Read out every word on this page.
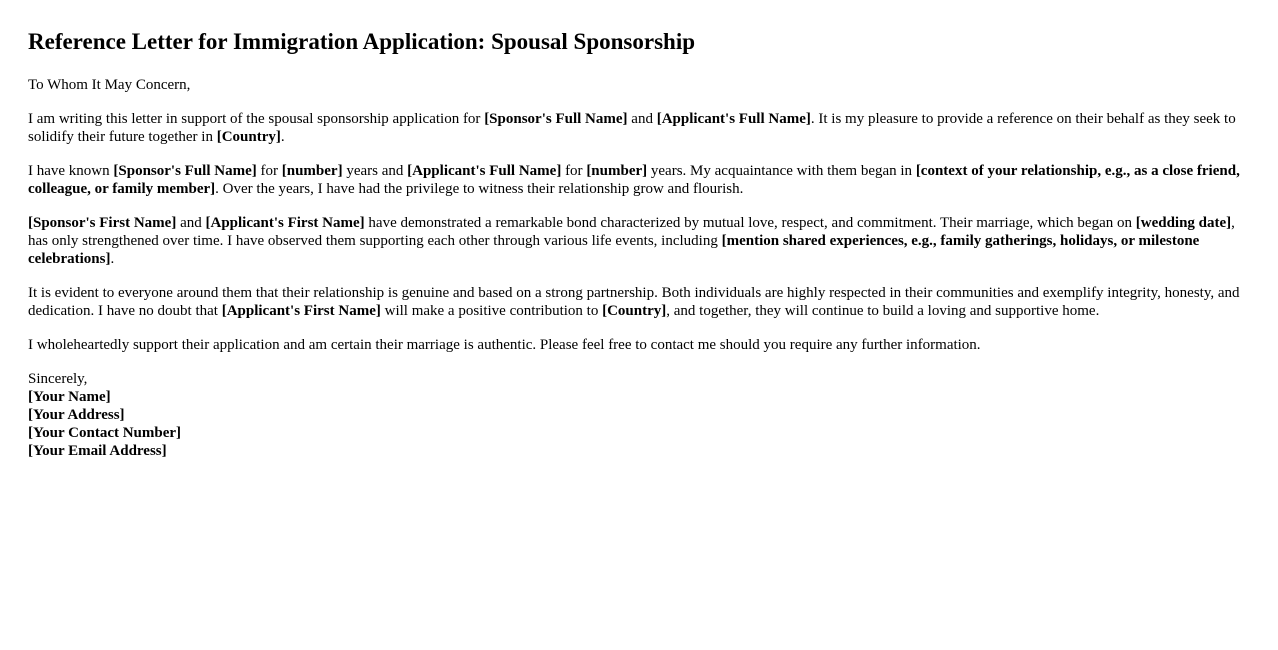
Reference Letter for Immigration Application: Spousal Sponsorship

To Whom It May Concern,

I am writing this letter in support of the spousal sponsorship application for [Sponsor's Full Name] and [Applicant's Full Name]. It is my pleasure to provide a reference on their behalf as they seek to solidify their future together in [Country].

I have known [Sponsor's Full Name] for [number] years and [Applicant's Full Name] for [number] years. My acquaintance with them began in [context of your relationship, e.g., as a close friend, colleague, or family member]. Over the years, I have had the privilege to witness their relationship grow and flourish.

[Sponsor's First Name] and [Applicant's First Name] have demonstrated a remarkable bond characterized by mutual love, respect, and commitment. Their marriage, which began on [wedding date], has only strengthened over time. I have observed them supporting each other through various life events, including [mention shared experiences, e.g., family gatherings, holidays, or milestone celebrations].

It is evident to everyone around them that their relationship is genuine and based on a strong partnership. Both individuals are highly respected in their communities and exemplify integrity, honesty, and dedication. I have no doubt that [Applicant's First Name] will make a positive contribution to [Country], and together, they will continue to build a loving and supportive home.

I wholeheartedly support their application and am certain their marriage is authentic. Please feel free to contact me should you require any further information.

Sincerely,

[Your Name]

[Your Address]

[Your Contact Number]

[Your Email Address]
